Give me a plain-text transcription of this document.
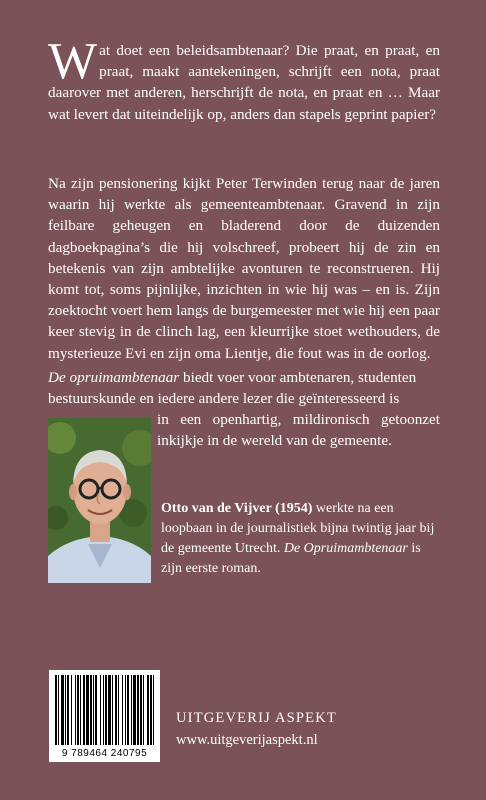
Wat doet een beleidsambtenaar? Die praat, en praat, en praat, maakt aantekeningen, schrijft een nota, praat daarover met anderen, herschrijft de nota, en praat en … Maar wat levert dat uiteindelijk op, anders dan stapels geprint papier?

Na zijn pensionering kijkt Peter Terwinden terug naar de jaren waarin hij werkte als gemeenteambtenaar. Gravend in zijn feilbare geheugen en bladerend door de duizenden dagboekpagina’s die hij volschreef, probeert hij de zin en betekenis van zijn ambtelijke avonturen te reconstrueren. Hij komt tot, soms pijnlijke, inzichten in wie hij was – en is. Zijn zoektocht voert hem langs de burgemeester met wie hij een paar keer stevig in de clinch lag, een kleurrijke stoet wethouders, de mysterieuze Evi en zijn oma Lientje, die fout was in de oorlog.

De opruimambtenaar biedt voer voor ambtenaren, studenten
bestuurskunde en iedere andere lezer die geïnteresseerd is

in een openhartig, mildironisch getoonzet inkijkje in de wereld van de gemeente.

Otto van de Vijver (1954) werkte na een loopbaan in de journalistiek bijna twintig jaar bij de gemeente Utrecht. De Opruimambtenaar is zijn eerste roman.

9 789464 240795

UITGEVERIJ ASPEKT

www.uitgeverijaspekt.nl
